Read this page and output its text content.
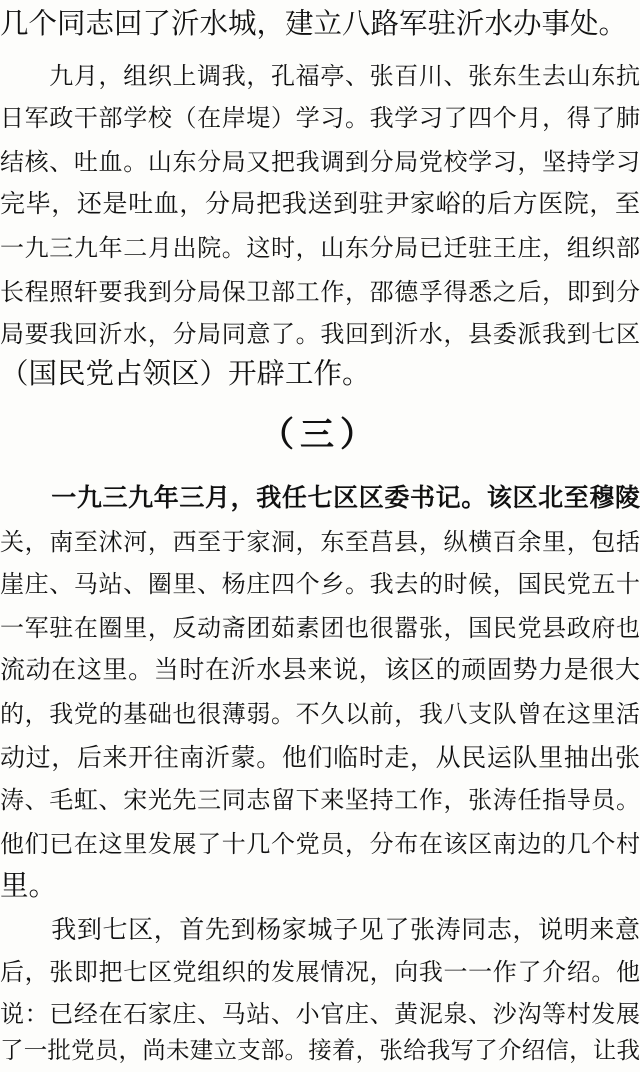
几个同志回了沂水城，建立八路军驻沂水办事处。
　　九月，组织上调我，孔福亭、张百川、张东生去山东抗
日军政干部学校（在岸堤）学习。我学习了四个月，得了肺
结核、吐血。山东分局又把我调到分局党校学习，坚持学习
完毕，还是吐血，分局把我送到驻尹家峪的后方医院，至
一九三九年二月出院。这时，山东分局已迁驻王庄，组织部
长程照轩要我到分局保卫部工作，邵德孚得悉之后，即到分
局要我回沂水，分局同意了。我回到沂水，县委派我到七区
（国民党占领区）开辟工作。
（三）
　　一九三九年三月，我任七区区委书记。该区北至穆陵
关，南至沭河，西至于家洞，东至莒县，纵横百余里，包括
崖庄、马站、圈里、杨庄四个乡。我去的时候，国民党五十
一军驻在圈里，反动斋团茹素团也很嚣张，国民党县政府也
流动在这里。当时在沂水县来说，该区的顽固势力是很大
的，我党的基础也很薄弱。不久以前，我八支队曾在这里活
动过，后来开往南沂蒙。他们临时走，从民运队里抽出张
涛、毛虹、宋光先三同志留下来坚持工作，张涛任指导员。
他们已在这里发展了十几个党员，分布在该区南边的几个村
里。
　　我到七区，首先到杨家城子见了张涛同志，说明来意
后，张即把七区党组织的发展情况，向我一一作了介绍。他
说：已经在石家庄、马站、小官庄、黄泥泉、沙沟等村发展
了一批党员，尚未建立支部。接着，张给我写了介绍信，让我
